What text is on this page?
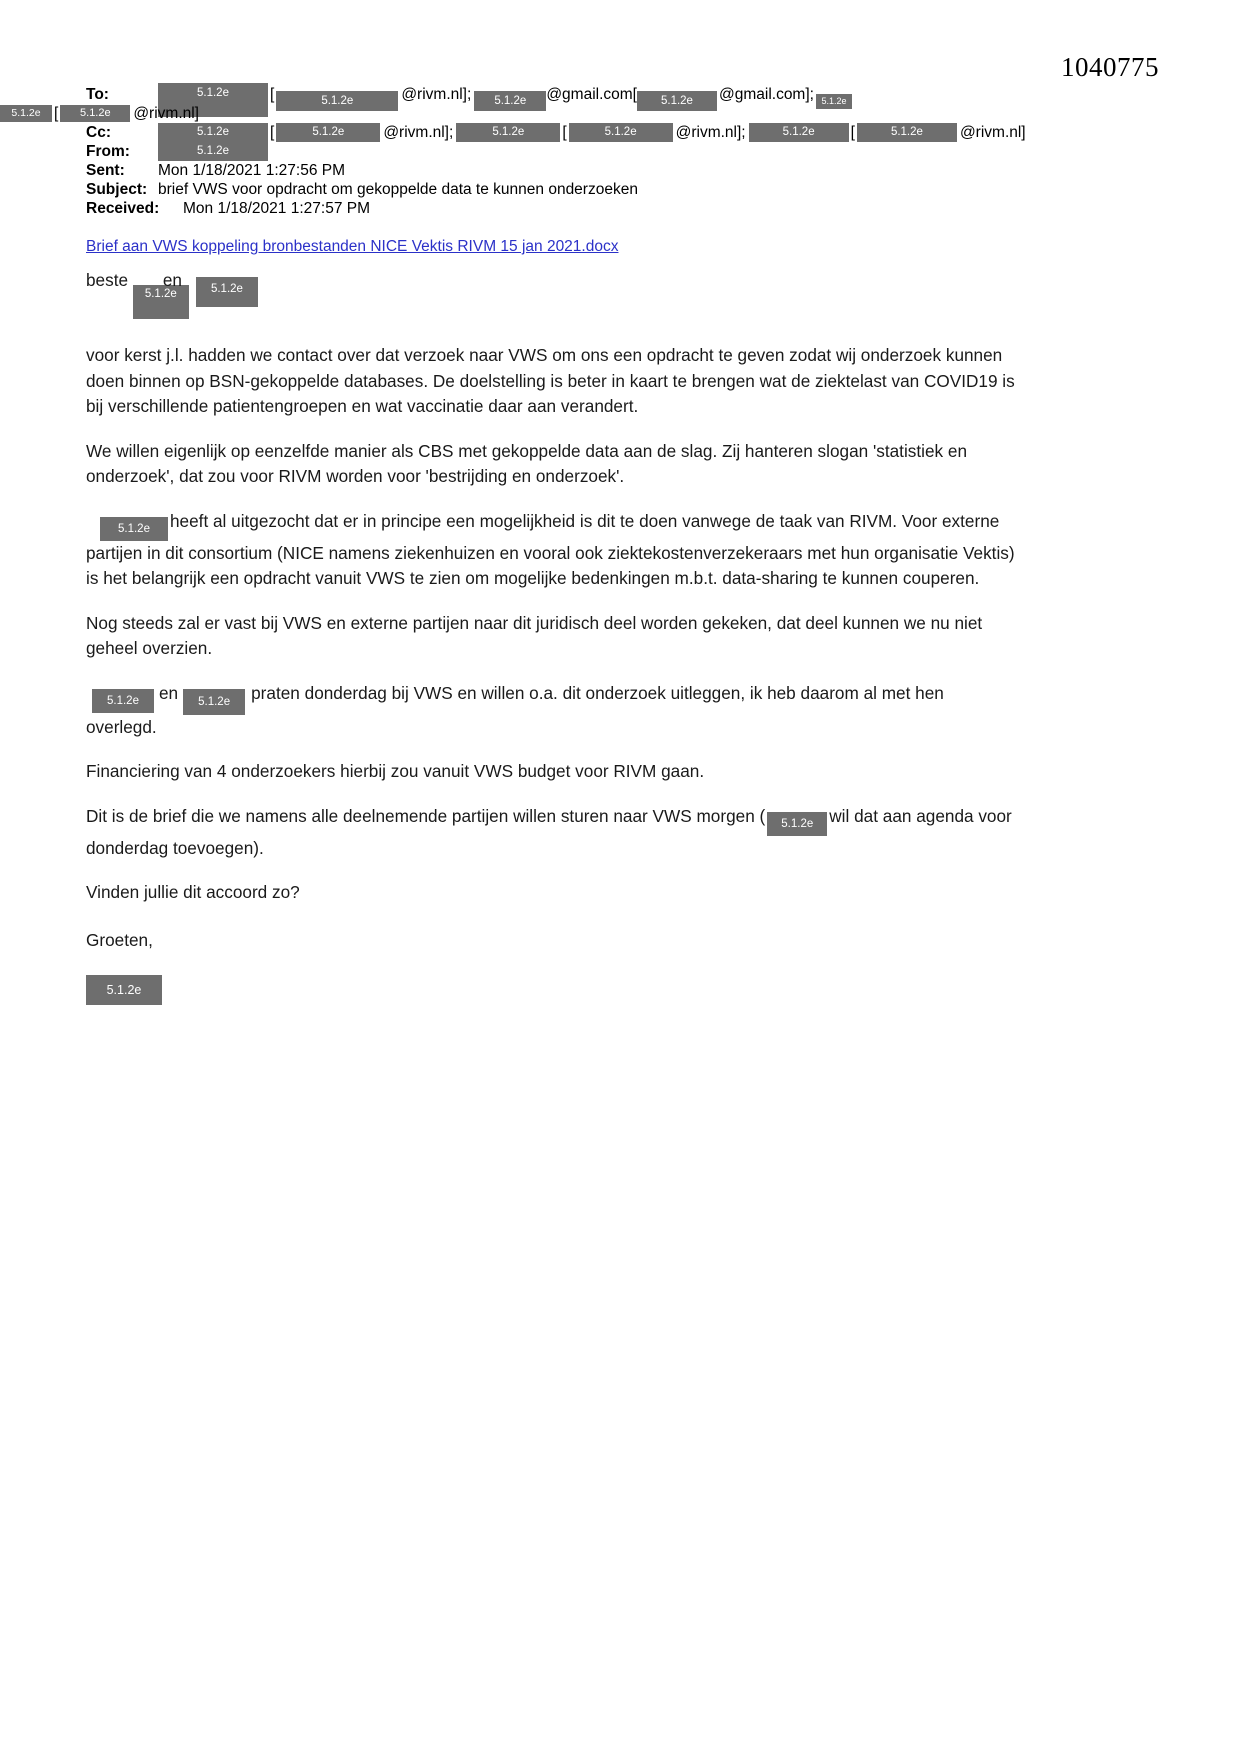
1040775
To:	5.1.2e	[	5.1.2e	@rivm.nl]; 5.1.2e @gmail.com[ 5.1.2e @gmail.com]; 5.1.2e
5.1.2e [ 5.1.2e @rivm.nl]
Cc:	5.1.2e	[	5.1.2e	@rivm.nl];	5.1.2e [	5.1.2e	@rivm.nl];	5.1.2e [	5.1.2e @rivm.nl]
From:	5.1.2e
Sent: Mon 1/18/2021 1:27:56 PM
Subject: brief VWS voor opdracht om gekoppelde data te kunnen onderzoeken
Received: Mon 1/18/2021 1:27:57 PM
Brief aan VWS koppeling bronbestanden NICE Vektis RIVM 15 jan 2021.docx

beste 5.1.2een	5.1.2e

voor kerst j.l. hadden we contact over dat verzoek naar VWS om ons een opdracht te geven zodat wij onderzoek kunnen doen binnen op BSN-gekoppelde databases. De doelstelling is beter in kaart te brengen wat de ziektelast van COVID19 is bij verschillende patientengroepen en wat vaccinatie daar aan verandert.

We willen eigenlijk op eenzelfde manier als CBS met gekoppelde data aan de slag. Zij hanteren slogan 'statistiek en onderzoek', dat zou voor RIVM worden voor 'bestrijding en onderzoek'.

5.1.2e heeft al uitgezocht dat er in principe een mogelijkheid is dit te doen vanwege de taak van RIVM. Voor externe partijen in dit consortium (NICE namens ziekenhuizen en vooral ook ziektekostenverzekeraars met hun organisatie Vektis) is het belangrijk een opdracht vanuit VWS te zien om mogelijke bedenkingen m.b.t. data-sharing te kunnen couperen.

Nog steeds zal er vast bij VWS en externe partijen naar dit juridisch deel worden gekeken, dat deel kunnen we nu niet geheel overzien.

5.1.2e en 5.1.2e praten donderdag bij VWS en willen o.a. dit onderzoek uitleggen, ik heb daarom al met hen overlegd.

Financiering van 4 onderzoekers hierbij zou vanuit VWS budget voor RIVM gaan.

Dit is de brief die we namens alle deelnemende partijen willen sturen naar VWS morgen ( 5.1.2e wil dat aan agenda voor donderdag toevoegen).

Vinden jullie dit accoord zo?

Groeten,

5.1.2e
